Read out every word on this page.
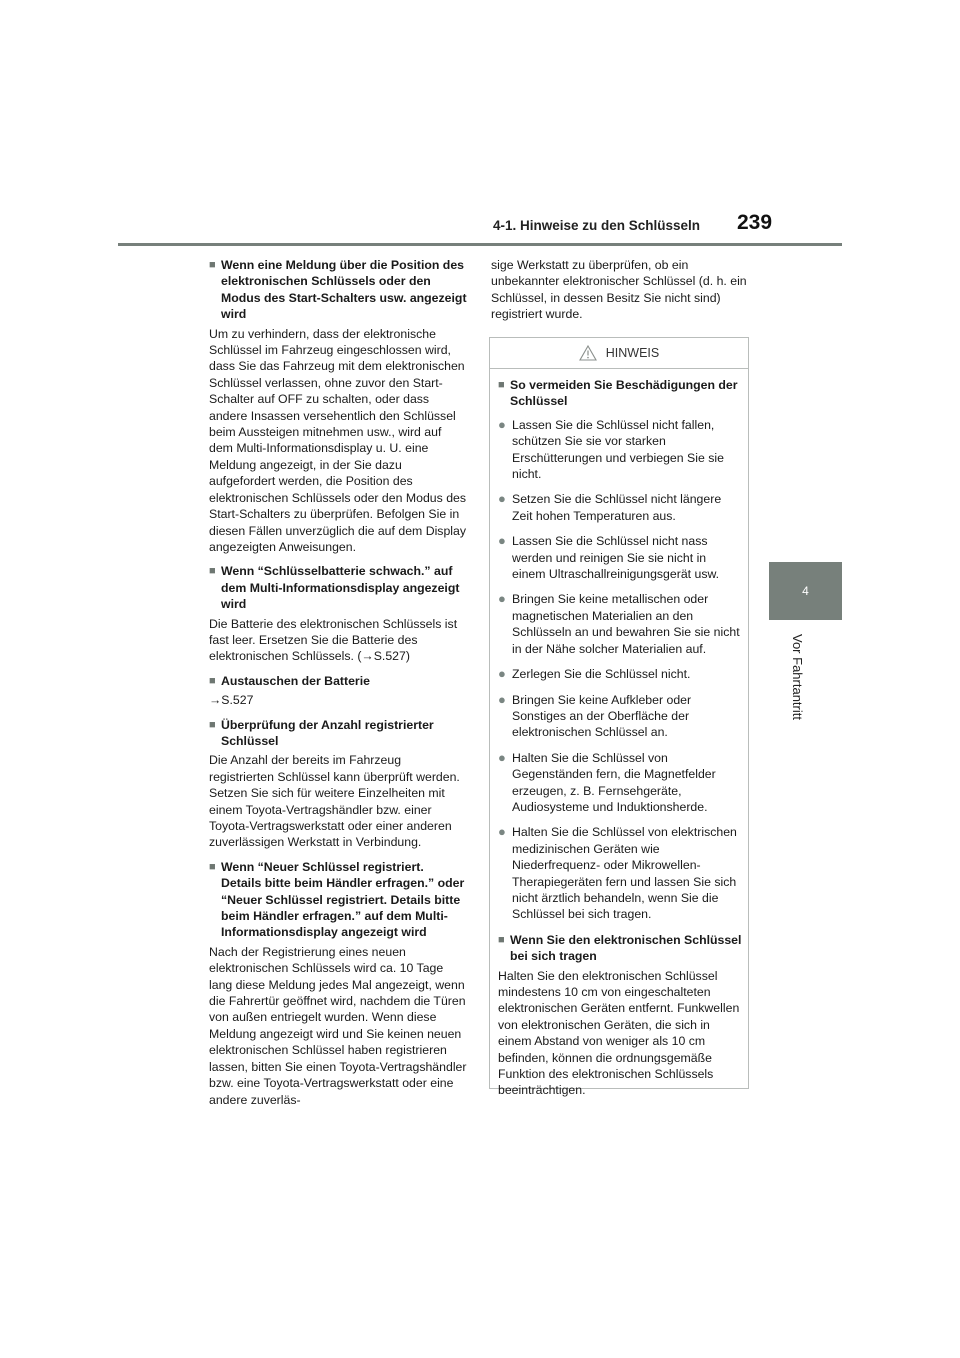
4-1. Hinweise zu den Schlüsseln 239
4
Vor Fahrtantritt
■ Wenn eine Meldung über die Position des elektronischen Schlüssels oder den Modus des Start-Schalters usw. angezeigt wird

Um zu verhindern, dass der elektronische Schlüssel im Fahrzeug eingeschlossen wird, dass Sie das Fahrzeug mit dem elektronischen Schlüssel verlassen, ohne zuvor den Start-Schalter auf OFF zu schalten, oder dass andere Insassen versehentlich den Schlüssel beim Aussteigen mitnehmen usw., wird auf dem Multi-Informationsdisplay u. U. eine Meldung angezeigt, in der Sie dazu aufgefordert werden, die Position des elektronischen Schlüssels oder den Modus des Start-Schalters zu überprüfen. Befolgen Sie in diesen Fällen unverzüglich die auf dem Display angezeigten Anweisungen.

■ Wenn “Schlüsselbatterie schwach.” auf dem Multi-Informationsdisplay angezeigt wird

Die Batterie des elektronischen Schlüssels ist fast leer. Ersetzen Sie die Batterie des elektronischen Schlüssels. (→S.527)

■ Austauschen der Batterie
→S.527
■ Überprüfung der Anzahl registrierter Schlüssel

Die Anzahl der bereits im Fahrzeug registrierten Schlüssel kann überprüft werden. Setzen Sie sich für weitere Einzelheiten mit einem Toyota-Vertragshändler bzw. einer Toyota-Vertragswerkstatt oder einer anderen zuverlässigen Werkstatt in Verbindung.

■ Wenn “Neuer Schlüssel registriert. Details bitte beim Händler erfragen.” oder “Neuer Schlüssel registriert. Details bitte beim Händler erfragen.” auf dem Multi-Informationsdisplay angezeigt wird

Nach der Registrierung eines neuen elektronischen Schlüssels wird ca. 10 Tage lang diese Meldung jedes Mal angezeigt, wenn die Fahrertür geöffnet wird, nachdem die Türen von außen entriegelt wurden. Wenn diese Meldung angezeigt wird und Sie keinen neuen elektronischen Schlüssel haben registrieren lassen, bitten Sie einen Toyota-Vertragshändler bzw. eine Toyota-Vertragswerkstatt oder eine andere zuverläs-

sige Werkstatt zu überprüfen, ob ein unbekannter elektronischer Schlüssel (d. h. ein Schlüssel, in dessen Besitz Sie nicht sind) registriert wurde.

HINWEIS
■ So vermeiden Sie Beschädigungen der Schlüssel
● Lassen Sie die Schlüssel nicht fallen, schützen Sie sie vor starken Erschütterungen und verbiegen Sie sie nicht.
● Setzen Sie die Schlüssel nicht längere Zeit hohen Temperaturen aus.
● Lassen Sie die Schlüssel nicht nass werden und reinigen Sie sie nicht in einem Ultraschallreinigungsgerät usw.
● Bringen Sie keine metallischen oder magnetischen Materialien an den Schlüsseln an und bewahren Sie sie nicht in der Nähe solcher Materialien auf.
● Zerlegen Sie die Schlüssel nicht.
● Bringen Sie keine Aufkleber oder Sonstiges an der Oberfläche der elektronischen Schlüssel an.
● Halten Sie die Schlüssel von Gegenständen fern, die Magnetfelder erzeugen, z. B. Fernsehgeräte, Audiosysteme und Induktionsherde.
● Halten Sie die Schlüssel von elektrischen medizinischen Geräten wie Niederfrequenz- oder Mikrowellen-Therapiegeräten fern und lassen Sie sich nicht ärztlich behandeln, wenn Sie die Schlüssel bei sich tragen.
■ Wenn Sie den elektronischen Schlüssel bei sich tragen

Halten Sie den elektronischen Schlüssel mindestens 10 cm von eingeschalteten elektronischen Geräten entfernt. Funkwellen von elektronischen Geräten, die sich in einem Abstand von weniger als 10 cm befinden, können die ordnungsgemäße Funktion des elektronischen Schlüssels beeinträchtigen.
